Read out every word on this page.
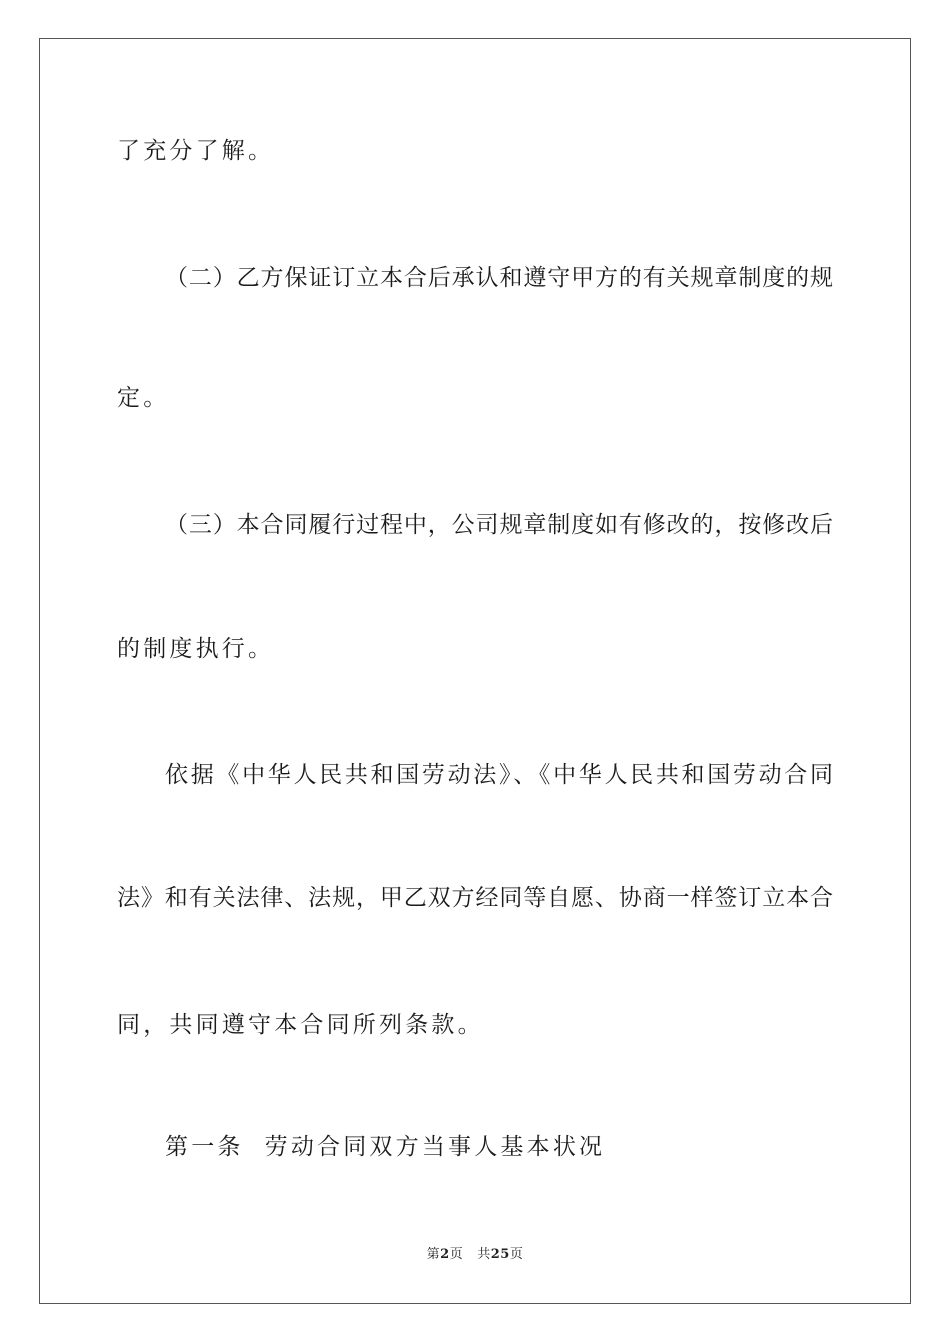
了充分了解。
（二）乙方保证订立本合后承认和遵守甲方的有关规章制度的规
定。
（三）本合同履行过程中，公司规章制度如有修改的，按修改后
的制度执行。
依据《中华人民共和国劳动法》、《中华人民共和国劳动合同
法》和有关法律、法规，甲乙双方经同等自愿、协商一样签订立本合
同，共同遵守本合同所列条款。
第一条  劳动合同双方当事人基本状况
第2页 共25页
